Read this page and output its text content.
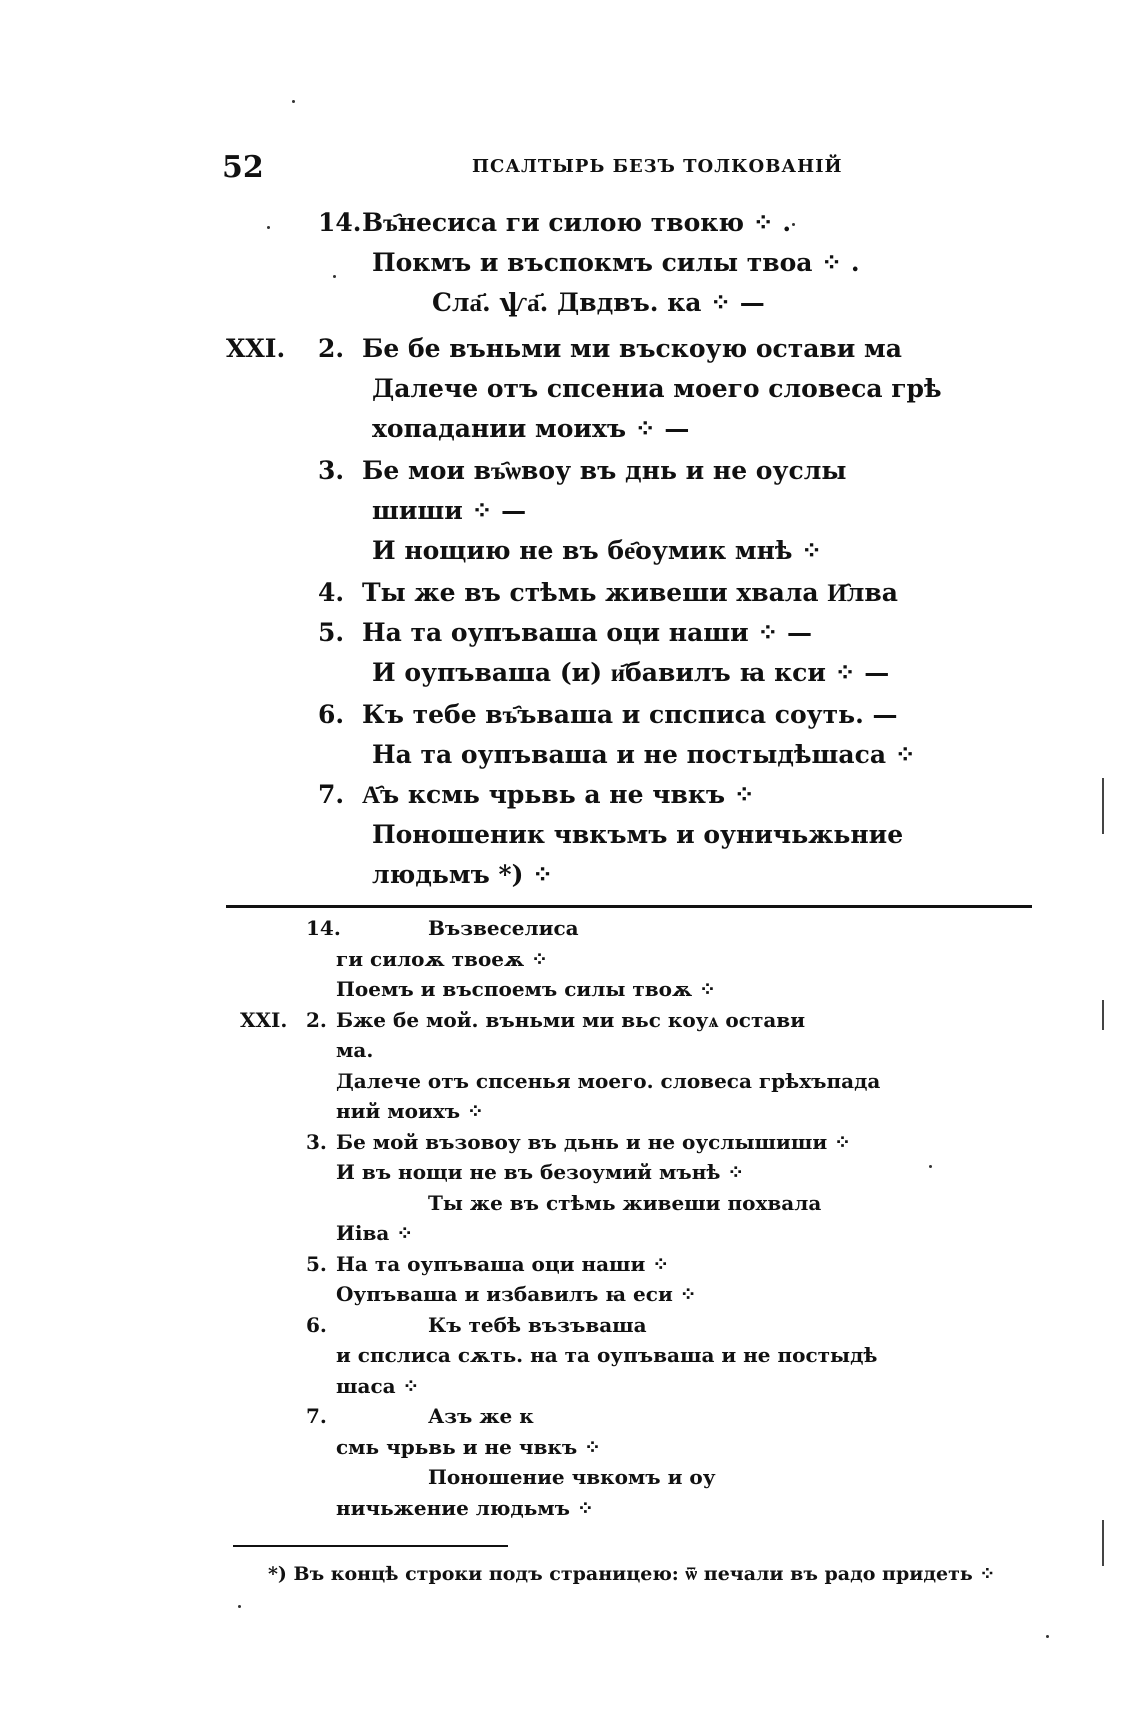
52	ПСАЛТЫРЬ БЕЗЪ ТОЛКОВАНІЙ
14. Въ҄несиса ги силою твокю ⁘ .
Покмъ и въспокмъ силы твоа ⁘ .
Сла҃. ѱа҃. Двдвъ. ка ⁘ —
XXI. 2. Бе бе въньми ми въскоую остави ма
Далече отъ спсениа моего словеса грѣ
хопадании моихъ ⁘ —
3. Бе мои въ҄ѡвоу въ днь и не оуслы
шиши ⁘ —
И нощию не въ бе҄оумик мнѣ ⁘
4. Ты же въ стѣмь живеши хвала И҄лва
5. На та оупъваша оци наши ⁘ —
И оупъваша (и) и҄бавилъ ꙗ кси ⁘ —
6. Къ тебе въ҄ъваша и спсписа соуть. —
На та оупъваша и не постыдѣшаса ⁘
7. А҄ъ ксмь чрьвь а не чвкъ ⁘
Поношеник чвкъмъ и оуничьжьние
людьмъ *) ⁘
14.	Възвеселиса
ги силоѫ твоеѫ ⁘
Поемъ и въспоемъ силы твоѫ ⁘
XXI. 2. Бже бе мой. въньми ми вьс коуѧ остави
ма.
Далече отъ спсенья моего. словеса грѣхъпада
ний моихъ ⁘
3. Бе мой възовоу въ дьнь и не оуслышиши ⁘
И въ нощи не въ безоумий мънѣ ⁘
Ты же въ стѣмь живеши похвала
Иіва ⁘
5. На та оупъваша оци наши ⁘
Оупъваша и избавилъ ꙗ еси ⁘
6.	Къ тебѣ възъваша
и спслиса сѫть. на та оупъваша и не постыдѣ
шаса ⁘
7.	Азъ же к
смь чрьвь и не чвкъ ⁘
Поношение чвкомъ и оу
ничьжение людьмъ ⁘
*) Въ концѣ строки подъ страницею: ѿ печали въ радо придеть ⁘
